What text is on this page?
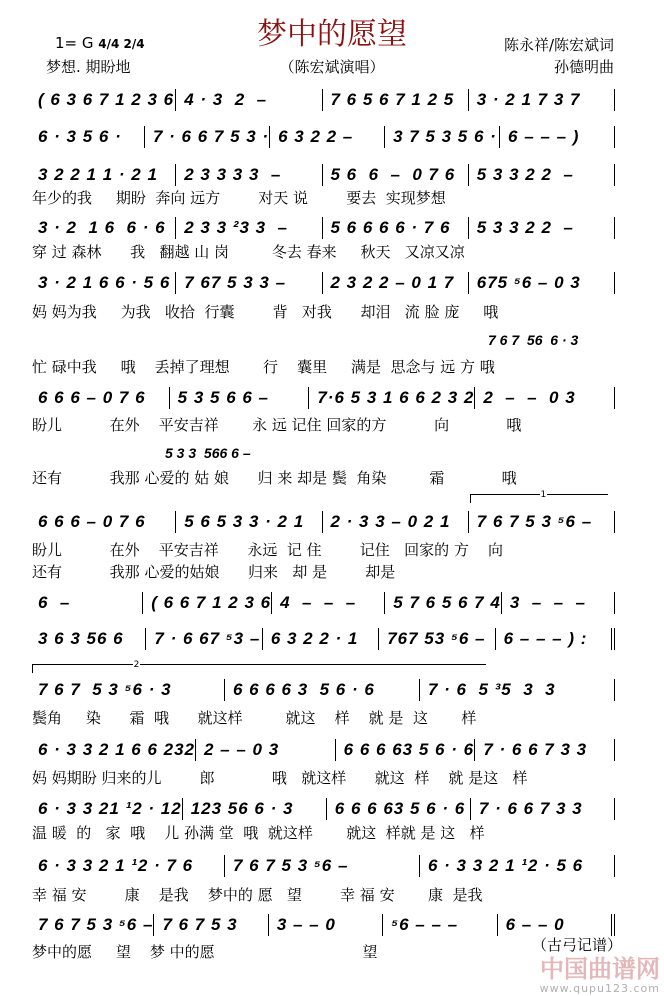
梦中的愿望
1= G 4/4 2/4
梦想. 期盼地	（陈宏斌演唱）
陈永祥/陈宏斌词
孙德明曲
( 6 3 6 7 1 2 3 6 4 · 3  2  –	7 6 5 6 7 1 2 5	3 · 2 1 7 3 7
6 · 3 5 6 ·	7 · 6 6 7 5 3 · 6 3 2 2 –	3 7 5 3 5 6 · 6 – – – )
3 2 2 1 1 · 2 1	2 3 3 3 3  –	5 6  6  –  0 7 6	5 3 3 2 2  –
3 · 2  1 6  6 · 6	2 3 3 ²3 3  –	5 6 6 6 6 · 7 6	5 3 3 2 2  –
3 · 2 1 6 6 · 5 6 7 67 5 3 3 –	2 3 2 2 – 0 1 7	675 ⁵6 – 0 3
6 6 6 – 0 7 6	5 3 5 6 6 –	7·6 5 3 1 6 6 2 3 2 2  –  –  0 3
6 6 6 – 0 7 6	5 6 5 3 3 · 2 1	2 · 3 3 – 0 2 1	7 6 7 5 3 ⁵6 –
6  –	( 6 6 7 1 2 3 6 4  –  –  –	5 7 6 5 6 7 4 3  –  –  –
3 6 3 56 6	7 · 6 67 ⁵3 – 6 3 2 2 · 1	767 53 ⁵6 –	6 – – – ) :
7 6 7  5 3 ⁵6 · 3	6 6 6 6 3  5 6 · 6	7 · 6  5 ³5  3  3
6 · 3 3 2 1 6 6 232 2 – – 0 3	6 6 6 63 5 6 · 6 7 · 6 6 7 3 3
6 · 3 3 21 ¹2 · 12 123 56 6 · 3	6 6 6 63 5 6 · 6 7 · 6 6 7 3 3
6 · 3 3 2 1 ¹2 · 7 6	7 6 7 5 3 ⁵6 –	6 · 3 3 2 1 ¹2 · 5 6
7 6 7 5 3 ⁵6 – 7 6 7 5 3	3 – – 0	⁵6 – – –	6 – – 0
7 6 7  56  6 · 3
5 3 3  566 6 –
年少的我     期盼  奔向 远方        对天 说        要去  实现梦想
穿 过 森林      我   翻越 山 岗         冬去 春来     秋天   又凉又凉
妈 妈为我     为我   收拾  行囊        背   对我      却泪   流 脸 庞     哦
忙 碌中我     哦    丢掉了理想       行    囊里     满是  思念与 远 方 哦
盼儿          在外    平安吉祥       永 远 记住 回家的方          向            哦
还有          我那 心爱的 姑 娘      归 来 却是 鬓  角染         霜            哦
盼儿          在外    平安吉祥      永远  记 住        记住   回家的 方    向
还有          我那 心爱的姑娘      归来   却 是        却是
鬓角     染      霜  哦      就这样         就这    样    就 是  这       样
妈 妈期盼 归来的儿        郎            哦   就这样      就这  样    就 是这   样
温 暖  的   家  哦    儿 孙满 堂  哦  就这样       就这  样就 是 这   样
幸 福 安        康    是我    梦中的 愿   望        幸 福 安       康  是我
梦中的愿     望    梦 中的愿                               望
1
2
（古弓记谱）
中国曲谱网
www.qupu123.com
